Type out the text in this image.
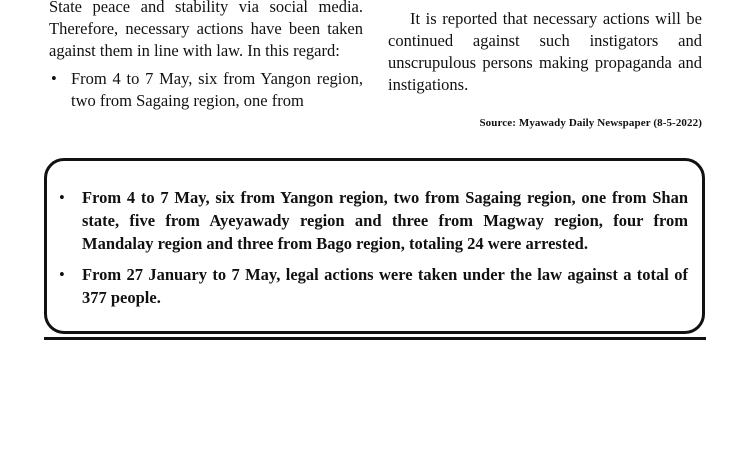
State peace and stability via social media. Therefore, necessary actions have been taken against them in line with law. In this regard:

• From 4 to 7 May, six from Yangon region, two from Sagaing region, one from

It is reported that necessary actions will be continued against such instigators and unscrupulous persons making propaganda and instigations.

Source: Myawady Daily Newspaper (8-5-2022)
• From 4 to 7 May, six from Yangon region, two from Sagaing region, one from Shan state, five from Ayeyawady region and three from Magway region, four from Mandalay region and three from Bago region, totaling 24 were arrested.
• From 27 January to 7 May, legal actions were taken under the law against a total of 377 people.
